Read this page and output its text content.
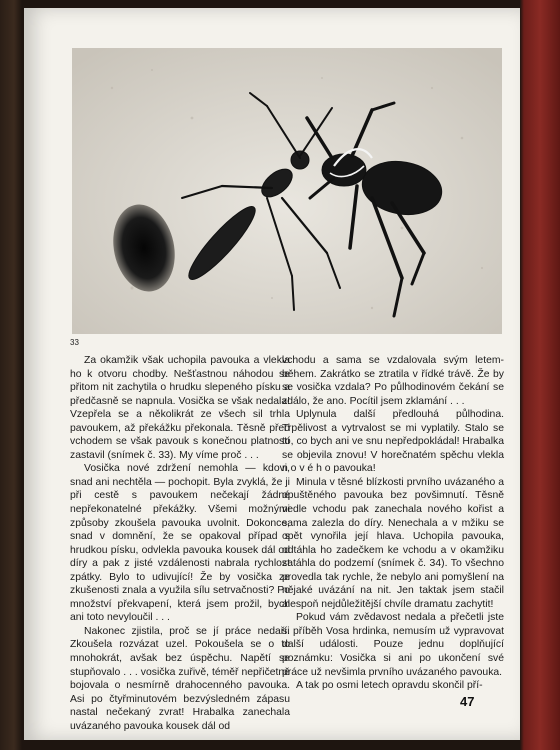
33

Za okamžik však uchopila pavouka a vlekla ho k otvoru chodby. Nešťastnou náhodou se přitom nit zachytila o hrudku slepeného písku a předčasně se napnula. Vosička se však nedala! Vzepřela se a několikrát ze všech sil trhla pavoukem, až překážku překonala. Těsně před vchodem se však pavouk s konečnou platností zastavil (snímek č. 33). My víme proč . . .

Vosička nové zdržení nemohla — kdovi, snad ani nechtěla — pochopit. Byla zvyklá, že ji při cestě s pavoukem nečekají žádné nepřekonatelné překážky. Všemi možnými způsoby zkoušela pavouka uvolnit. Dokonce, snad v domnění, že se opakoval případ s hrudkou písku, odvlekla pavouka kousek dál od díry a pak z jisté vzdálenosti nabrala rychlost zpátky. Bylo to udivující! Že by vosička ze zkušenosti znala a využila sílu setrvačnosti? Po množství překvapení, která jsem prožil, bych ani toto nevyloučil . . .

Nakonec zjistila, proč se jí práce nedaří. Zkoušela rozvázat uzel. Pokoušela se o to mnohokrát, avšak bez úspěchu. Napětí se stupňovalo . . . vosička zuřivě, téměř nepřičetně bojovala o nesmírně drahocenného pavouka. Asi po čtyřminutovém bezvýsledném zápasu nastal nečekaný zvrat! Hrabalka zanechala uvázaného pavouka kousek dál od

vchodu a sama se vzdalovala svým letem-během. Zakrátko se ztratila v řídké trávě. Že by se vosička vzdala? Po půlhodinovém čekání se zdálo, že ano. Pocítil jsem zklamání . . .

Uplynula další předlouhá půlhodina. Trpělivost a vytrvalost se mi vyplatily. Stalo se to, co bych ani ve snu nepředpokládal! Hrabalka se objevila znovu! V horečnatém spěchu vlekla n o v é h o pavouka!

Minula v těsné blízkosti prvního uvázaného a opuštěného pavouka bez povšimnutí. Těsně vedle vchodu pak zanechala nového kořist a sama zalezla do díry. Nenechala a v mžiku se opět vynořila její hlava. Uchopila pavouka, odtáhla ho zadečkem ke vchodu a v okamžiku zatáhla do podzemí (snímek č. 34). To všechno provedla tak rychle, že nebylo ani pomyšlení na nějaké uvázání na nit. Jen taktak jsem stačil alespoň nejdůležitější chvíle dramatu zachytit!

Pokud vám zvědavost nedala a přečetli jste si příběh Vosa hrdinka, nemusím už vypravovat další události. Pouze jednu doplňující poznámku: Vosička si ani po ukončení své práce už nevšimla prvního uvázaného pavouka.

A tak po osmi letech opravdu skončil pří-

47
